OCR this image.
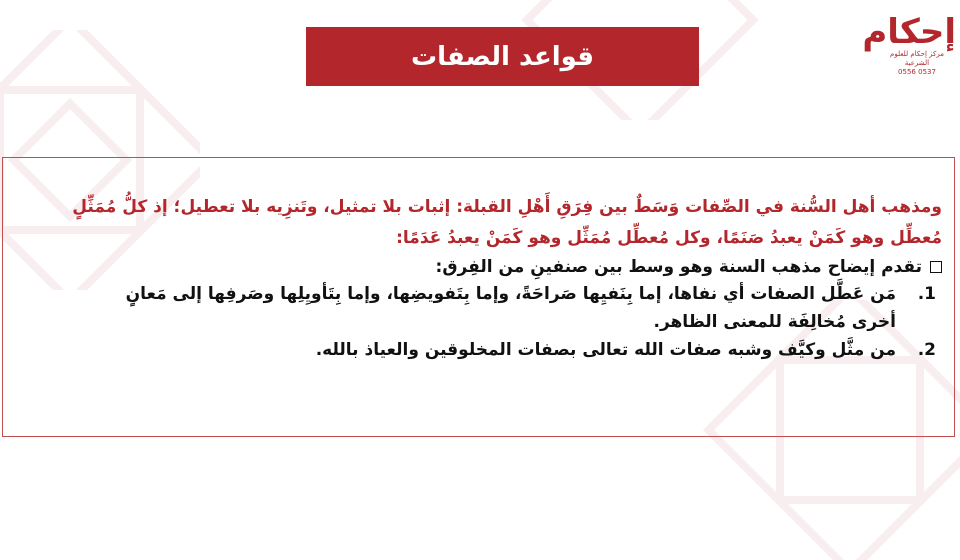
قواعد الصفات
إحكام
مركز إحكام للعلوم الشرعية
0537 0556

ومذهب أهل السُّنة في الصِّفات وَسَطٌ بين فِرَقِ أَهْلِ القبلة: إثبات بلا تمثيل، وتَنزِيه بلا تعطيل؛ إذ كلُّ مُمَثِّلٍ
مُعطِّل وهو كَمَنْ يعبدُ صَنَمًا، وكل مُعطِّل مُمَثِّل وهو كَمَنْ يعبدُ عَدَمًا:

تقدم إيضاح مذهب السنة وهو وسط بين صنفينِ من الفِرق:
1.
مَن عَطَّل الصفات أي نفاها، إما بِنَفيِها صَراحَةً، وإما بِتَفويضِها، وإما بِتَأويِلِها وصَرفِها إلى مَعانٍ
أخرى مُخالِفَة للمعنى الظاهر.
2.
من مثَّل وكيَّف وشبه صفات الله تعالى بصفات المخلوقين والعياذ بالله.
